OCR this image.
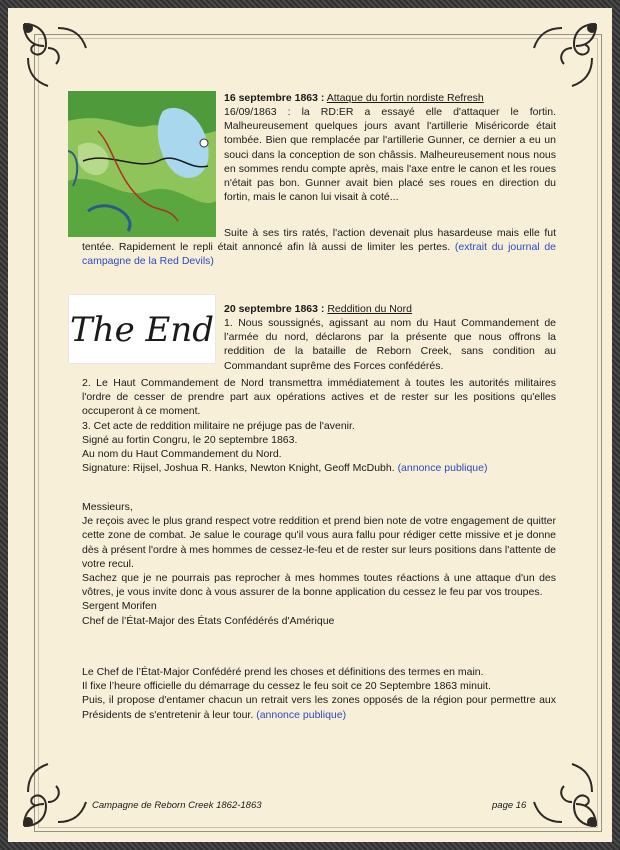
16 septembre 1863 : Attaque du fortin nordiste Refresh
16/09/1863 : la RD:ER a essayé elle d'attaquer le fortin. Malheureusement quelques jours avant l'artillerie Miséricorde était tombée. Bien que remplacée par l'artillerie Gunner, ce dernier a eu un souci dans la conception de son châssis. Malheureusement nous nous en sommes rendu compte après, mais l'axe entre le canon et les roues n'était pas bon. Gunner avait bien placé ses roues en direction du fortin, mais le canon lui visait à coté...
Suite à ses tirs ratés, l'action devenait plus hasardeuse mais elle fut tentée. Rapidement le repli était annoncé afin là aussi de limiter les pertes. (extrait du journal de campagne de la Red Devils)
The End
20 septembre 1863 : Reddition du Nord
1. Nous soussignés, agissant au nom du Haut Commandement de l’armée du nord, déclarons par la présente que nous offrons la reddition de la bataille de Reborn Creek, sans condition au Commandant suprême des Forces confédérés.
2. Le Haut Commandement de Nord transmettra immédiatement à toutes les autorités militaires l'ordre de cesser de prendre part aux opérations actives et de rester sur les positions qu'elles occuperont à ce moment.
3. Cet acte de reddition militaire ne préjuge pas de l'avenir.
Signé au fortin Congru, le 20 septembre 1863.
Au nom du Haut Commandement du Nord.
Signature: Rijsel, Joshua R. Hanks, Newton Knight, Geoff McDubh. (annonce publique)
Messieurs,
Je reçois avec le plus grand respect votre reddition et prend bien note de votre engagement de quitter cette zone de combat. Je salue le courage qu'il vous aura fallu pour rédiger cette missive et je donne dès à présent l'ordre à mes hommes de cessez-le-feu et de rester sur leurs positions dans l'attente de votre recul.
Sachez que je ne pourrais pas reprocher à mes hommes toutes réactions à une attaque d'un des vôtres, je vous invite donc à vous assurer de la bonne application du cessez le feu par vos troupes.
Sergent Morifen
Chef de l’État-Major des États Confédérés d'Amérique
Le Chef de l’État-Major Confédéré prend les choses et définitions des termes en main.
Il fixe l’heure officielle du démarrage du cessez le feu soit ce 20 Septembre 1863 minuit.
Puis, il propose d'entamer chacun un retrait vers les zones opposés de la région pour permettre aux Présidents de s'entretenir à leur tour. (annonce publique)
Campagne de Reborn Creek 1862-1863	page 16
